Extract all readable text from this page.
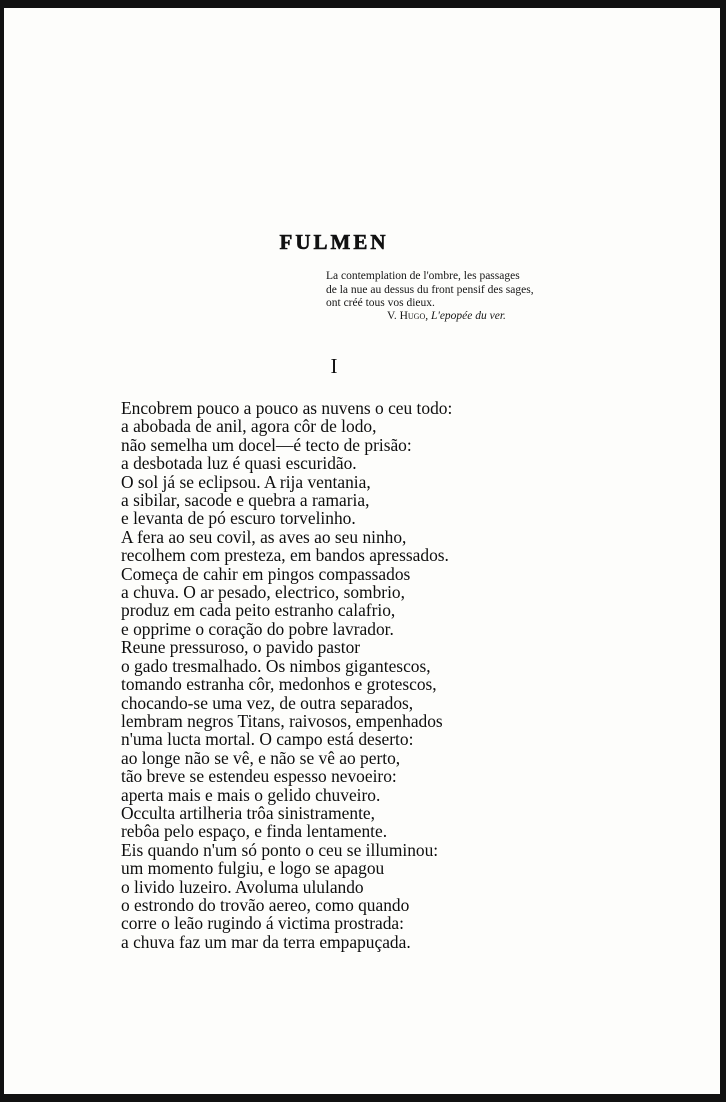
FULMEN
La contemplation de l'ombre, les passages
de la nue au dessus du front pensif des sages,
ont créé tous vos dieux.
V. Hugo, L'epopée du ver.
I
Encobrem pouco a pouco as nuvens o ceu todo:
a abobada de anil, agora côr de lodo,
não semelha um docel—é tecto de prisão:
a desbotada luz é quasi escuridão.
O sol já se eclipsou. A rija ventania,
a sibilar, sacode e quebra a ramaria,
e levanta de pó escuro torvelinho.
A fera ao seu covil, as aves ao seu ninho,
recolhem com presteza, em bandos apressados.
Começa de cahir em pingos compassados
a chuva. O ar pesado, electrico, sombrio,
produz em cada peito estranho calafrio,
e opprime o coração do pobre lavrador.
Reune pressuroso, o pavido pastor
o gado tresmalhado. Os nimbos gigantescos,
tomando estranha côr, medonhos e grotescos,
chocando-se uma vez, de outra separados,
lembram negros Titans, raivosos, empenhados
n'uma lucta mortal. O campo está deserto:
ao longe não se vê, e não se vê ao perto,
tão breve se estendeu espesso nevoeiro:
aperta mais e mais o gelido chuveiro.
Occulta artilheria trôa sinistramente,
rebôa pelo espaço, e finda lentamente.
Eis quando n'um só ponto o ceu se illuminou:
um momento fulgiu, e logo se apagou
o livido luzeiro. Avoluma ululando
o estrondo do trovão aereo, como quando
corre o leão rugindo á victima prostrada:
a chuva faz um mar da terra empapuçada.
